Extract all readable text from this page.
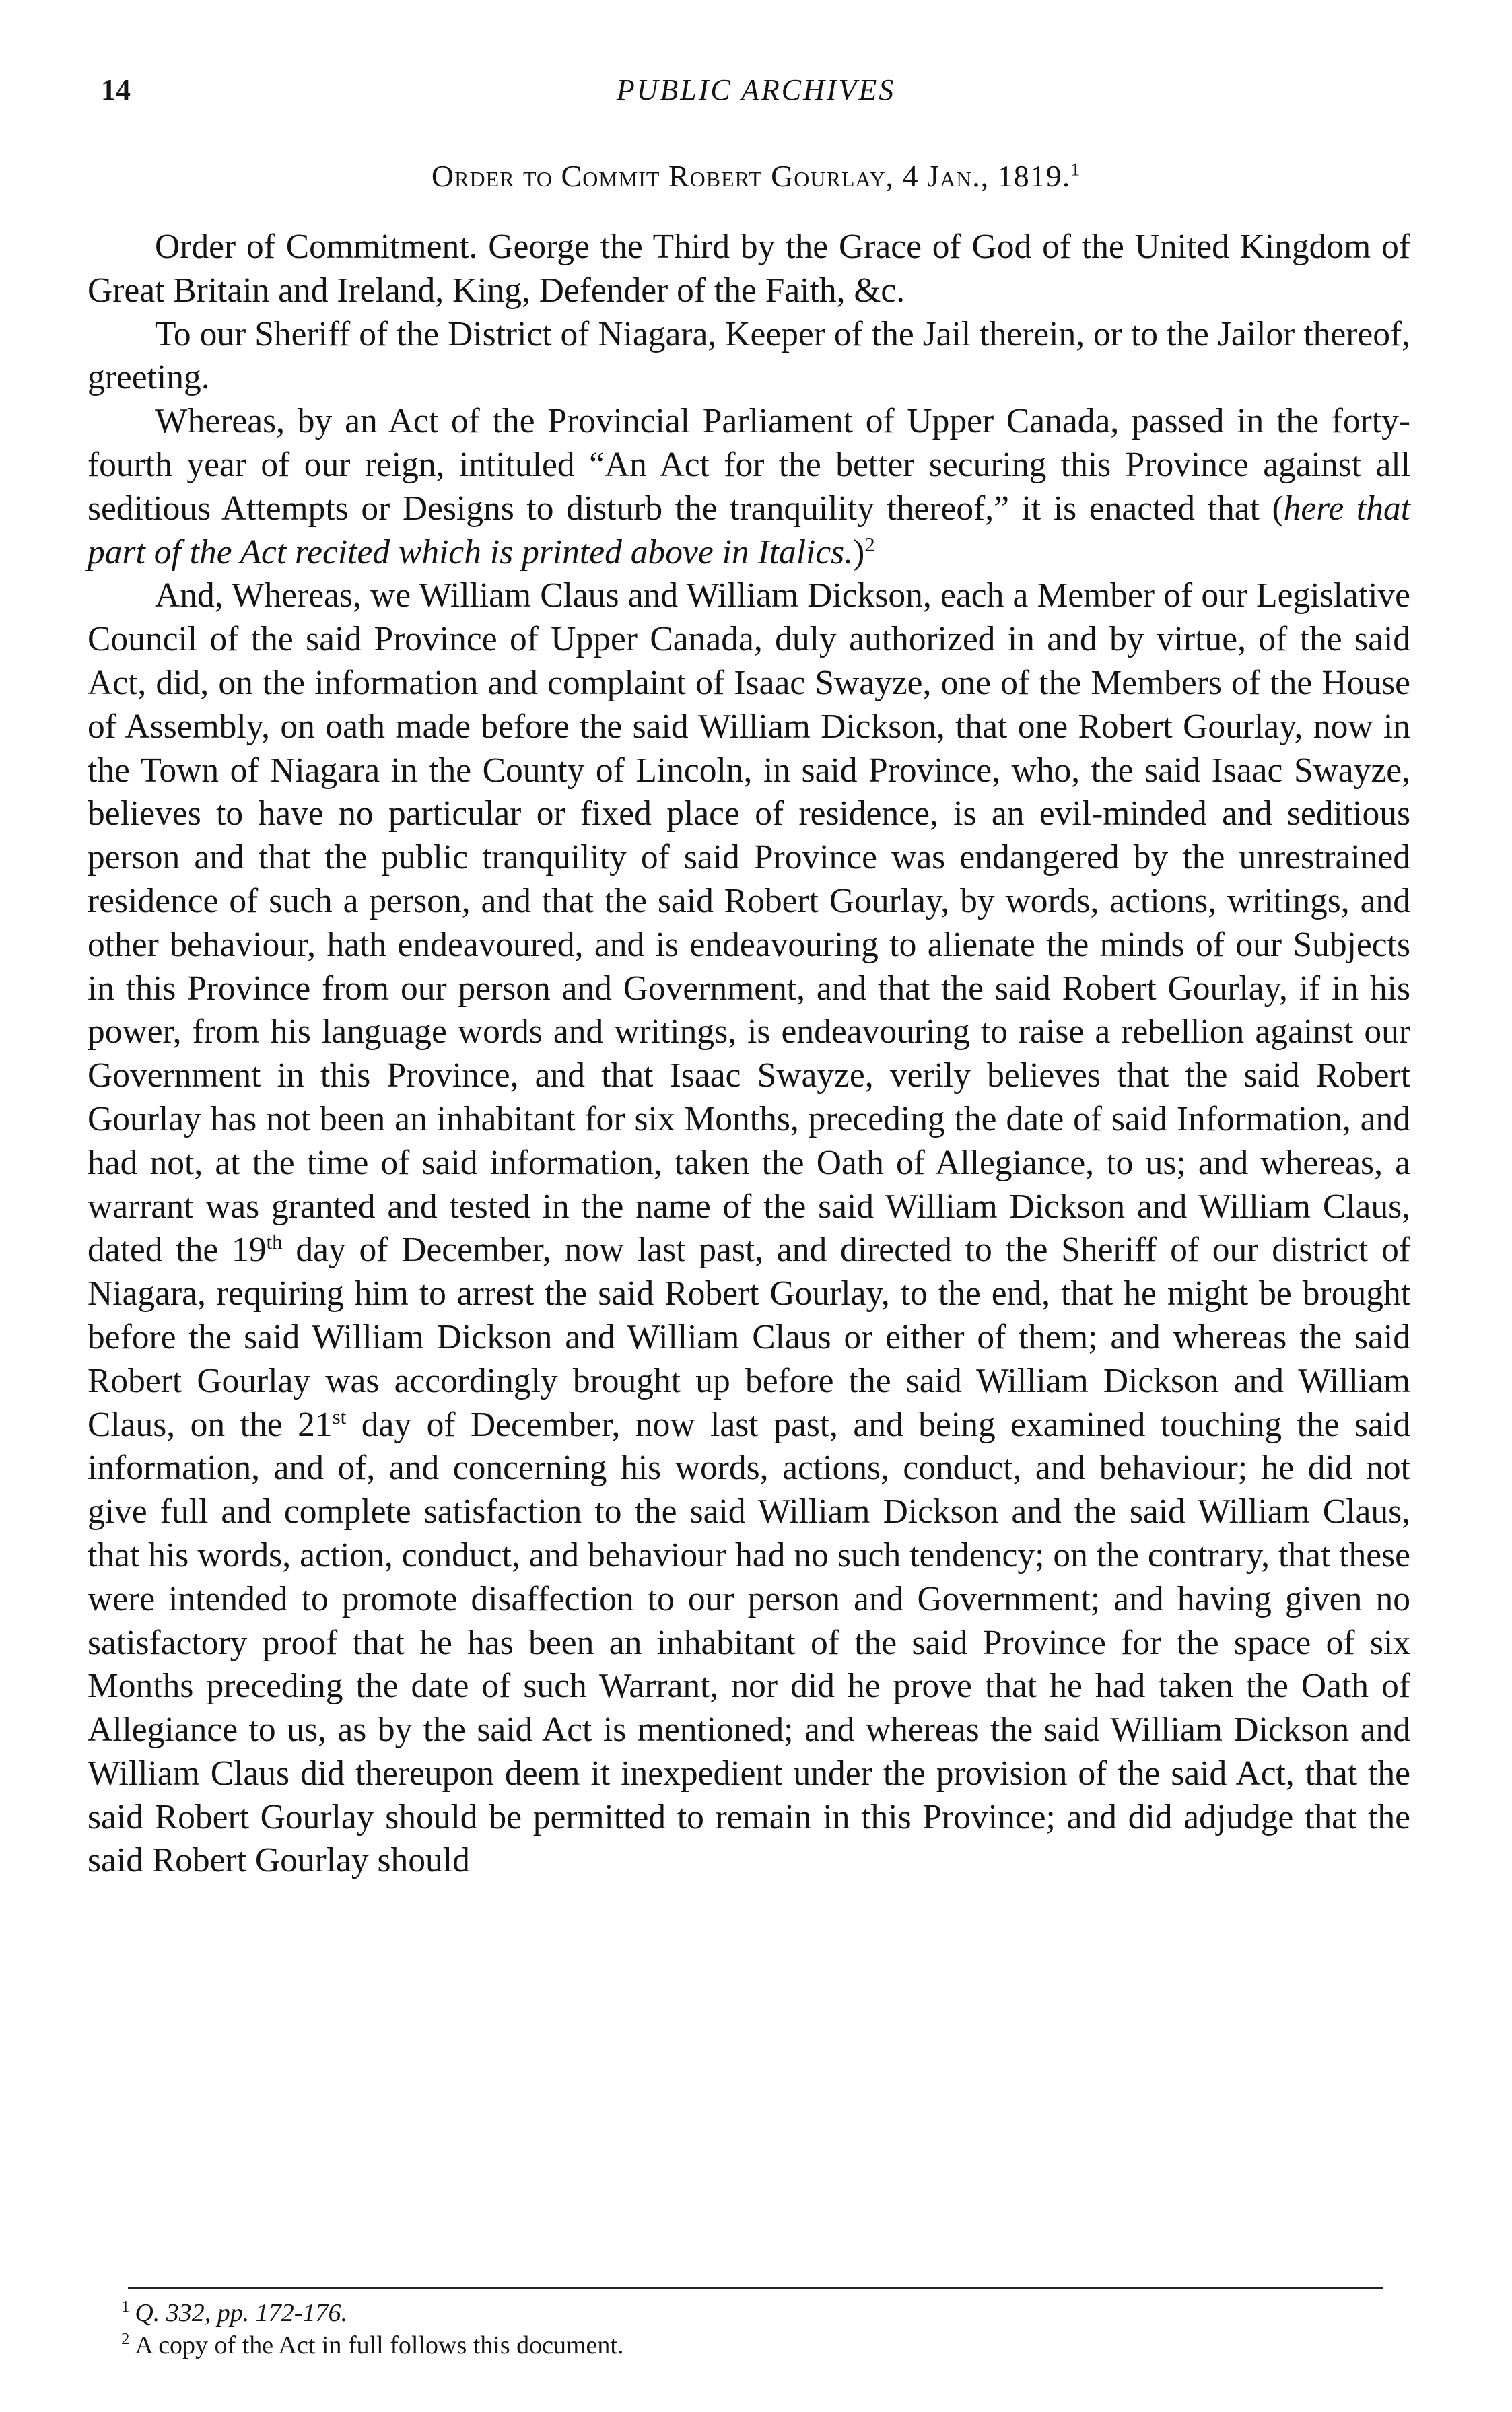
14	PUBLIC ARCHIVES
Order to Commit Robert Gourlay, 4 Jan., 1819.$^1$

Order of Commitment. George the Third by the Grace of God of the United Kingdom of Great Britain and Ireland, King, Defender of the Faith, &c.

To our Sheriff of the District of Niagara, Keeper of the Jail therein, or to the Jailor thereof, greeting.

Whereas, by an Act of the Provincial Parliament of Upper Canada, passed in the forty-fourth year of our reign, intituled “An Act for the better securing this Province against all seditious Attempts or Designs to disturb the tranquility thereof,” it is enacted that (here that part of the Act recited which is printed above in Italics.)$^2$

And, Whereas, we William Claus and William Dickson, each a Member of our Legislative Council of the said Province of Upper Canada, duly authorized in and by virtue, of the said Act, did, on the information and complaint of Isaac Swayze, one of the Members of the House of Assembly, on oath made before the said William Dickson, that one Robert Gourlay, now in the Town of Niagara in the County of Lincoln, in said Province, who, the said Isaac Swayze, believes to have no particular or fixed place of residence, is an evil-minded and seditious person and that the public tranquility of said Province was endangered by the unrestrained residence of such a person, and that the said Robert Gourlay, by words, actions, writings, and other behaviour, hath endeavoured, and is endeavouring to alienate the minds of our Subjects in this Province from our person and Government, and that the said Robert Gourlay, if in his power, from his language words and writings, is endeavouring to raise a rebellion against our Government in this Province, and that Isaac Swayze, verily believes that the said Robert Gourlay has not been an inhabitant for six Months, preceding the date of said Information, and had not, at the time of said information, taken the Oath of Allegiance, to us; and whereas, a warrant was granted and tested in the name of the said William Dickson and William Claus, dated the 19th day of December, now last past, and directed to the Sheriff of our district of Niagara, requiring him to arrest the said Robert Gourlay, to the end, that he might be brought before the said William Dickson and William Claus or either of them; and whereas the said Robert Gourlay was accordingly brought up before the said William Dickson and William Claus, on the 21st day of December, now last past, and being examined touching the said information, and of, and concerning his words, actions, conduct, and behaviour; he did not give full and complete satisfaction to the said William Dickson and the said William Claus, that his words, action, conduct, and behaviour had no such tendency; on the contrary, that these were intended to promote disaffection to our person and Government; and having given no satisfactory proof that he has been an inhabitant of the said Province for the space of six Months preceding the date of such Warrant, nor did he prove that he had taken the Oath of Allegiance to us, as by the said Act is mentioned; and whereas the said William Dickson and William Claus did thereupon deem it inexpedient under the provision of the said Act, that the said Robert Gourlay should be permitted to remain in this Province; and did adjudge that the said Robert Gourlay should

$^1$ Q. 332, pp. 172-176.
$^2$ A copy of the Act in full follows this document.
